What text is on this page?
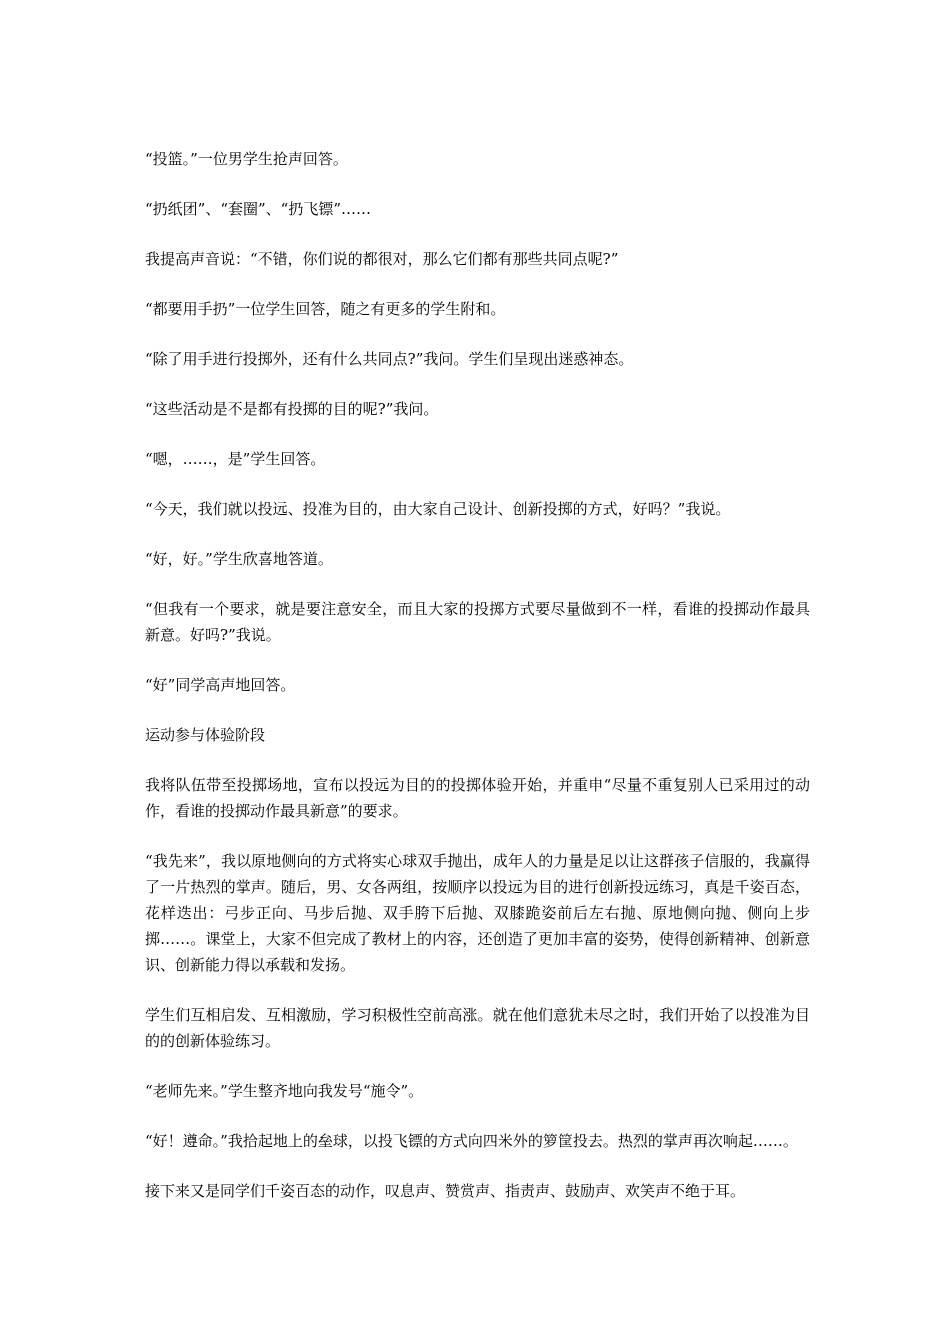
“投篮。”一位男学生抢声回答。

“扔纸团”、“套圈”、“扔飞镖”……

我提高声音说：“不错，你们说的都很对，那么它们都有那些共同点呢?”

“都要用手扔”一位学生回答，随之有更多的学生附和。

“除了用手进行投掷外，还有什么共同点?”我问。学生们呈现出迷惑神态。

“这些活动是不是都有投掷的目的呢?”我问。

“嗯，……，是”学生回答。

“今天，我们就以投远、投准为目的，由大家自己设计、创新投掷的方式，好吗？”我说。

“好，好。”学生欣喜地答道。

“但我有一个要求，就是要注意安全，而且大家的投掷方式要尽量做到不一样，看谁的投掷动作最具新意。好吗?”我说。

“好”同学高声地回答。

运动参与体验阶段

我将队伍带至投掷场地，宣布以投远为目的的投掷体验开始，并重申“尽量不重复别人已采用过的动作，看谁的投掷动作最具新意”的要求。

“我先来”，我以原地侧向的方式将实心球双手抛出，成年人的力量是足以让这群孩子信服的，我赢得了一片热烈的掌声。随后，男、女各两组，按顺序以投远为目的进行创新投远练习，真是千姿百态，花样迭出：弓步正向、马步后抛、双手胯下后抛、双膝跪姿前后左右抛、原地侧向抛、侧向上步掷……。课堂上，大家不但完成了教材上的内容，还创造了更加丰富的姿势，使得创新精神、创新意识、创新能力得以承载和发扬。

学生们互相启发、互相激励，学习积极性空前高涨。就在他们意犹未尽之时，我们开始了以投准为目的的创新体验练习。

“老师先来。”学生整齐地向我发号“施令”。

“好！遵命。”我拾起地上的垒球，以投飞镖的方式向四米外的箩筐投去。热烈的掌声再次响起……。

接下来又是同学们千姿百态的动作，叹息声、赞赏声、指责声、鼓励声、欢笑声不绝于耳。
